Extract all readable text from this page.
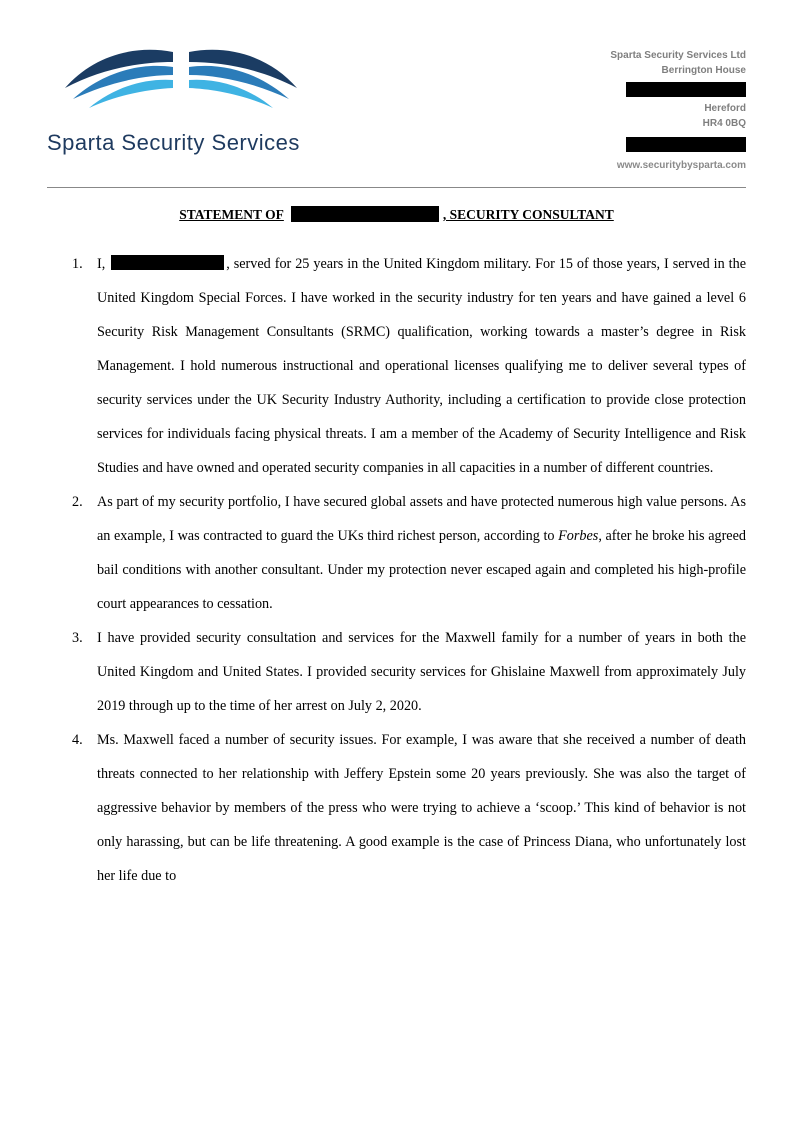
Sparta Security Services
Sparta Security Services Ltd
Berrington House
Hereford
HR4 0BQ
www.securitybysparta.com
STATEMENT OF	, SECURITY CONSULTANT
1.	I,	, served for 25 years in the United Kingdom military. For 15 of those years, I served in the United Kingdom Special Forces. I have worked in the security industry for ten years and have gained a level 6 Security Risk Management Consultants (SRMC) qualification, working towards a master’s degree in Risk Management. I hold numerous instructional and operational licenses qualifying me to deliver several types of security services under the UK Security Industry Authority, including a certification to provide close protection services for individuals facing physical threats. I am a member of the Academy of Security Intelligence and Risk Studies and have owned and operated security companies in all capacities in a number of different countries.

2.	As part of my security portfolio, I have secured global assets and have protected numerous high value persons. As an example, I was contracted to guard the UKs third richest person, according to Forbes, after he broke his agreed bail conditions with another consultant. Under my protection never escaped again and completed his high-profile court appearances to cessation.

3.	I have provided security consultation and services for the Maxwell family for a number of years in both the United Kingdom and United States. I provided security services for Ghislaine Maxwell from approximately July 2019 through up to the time of her arrest on July 2, 2020.

4.	Ms. Maxwell faced a number of security issues. For example, I was aware that she received a number of death threats connected to her relationship with Jeffery Epstein some 20 years previously. She was also the target of aggressive behavior by members of the press who were trying to achieve a ‘scoop.’ This kind of behavior is not only harassing, but can be life threatening. A good example is the case of Princess Diana, who unfortunately lost her life due to
